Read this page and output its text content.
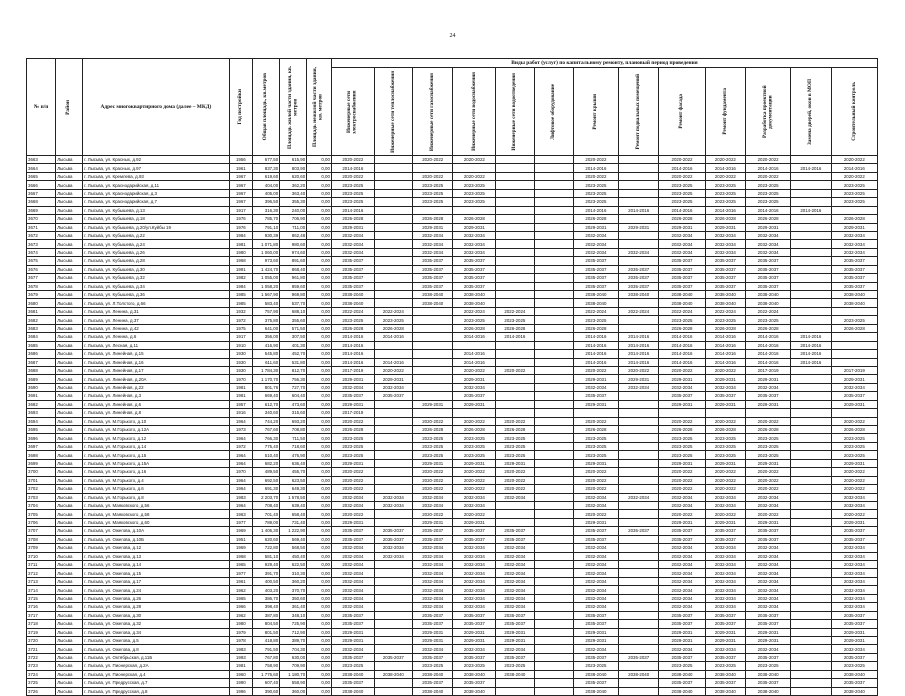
24
№ п/п	Район	Адрес многоквартирного дома (далее – МКД)	Год постройки	Общая площадь, кв.метров	Площадь жилой части здания, кв. метров	Площадь нежилой части здания, кв. метров	Виды работ (услуг) по капитальному ремонту, плановый период проведения												

							Инженерные сети электроснабжения	Инженерные сети теплоснабжения	Инженерные сети газоснабжения	Инженерные сети водоснабжения	Инженерные сети водоотведения	Лифтовое оборудование	Ремонт крыши	Ремонт подвальных помещений	Ремонт фасада	Ремонт фундамента	Разработка проектной документации	Замена дверей, окон в МОП	Строительный контроль

3663	Лысьва	г. Лысьва, ул. Красных, д.92	1956	677,50	615,90	0,00	2020-2022		2020-2022	2020-2022			2020-2022		2020-2022	2020-2022	2020-2022		2020-2022
3664	Лысьва	г. Лысьва, ул. Красных, д.97	1961	837,30	803,90	0,00	2014-2016						2014-2016		2014-2016	2014-2016	2014-2016	2014-2016	2014-2016
3665	Лысьва	г. Лысьва, ул. Кремлева, д.93	1967	619,60	620,60	0,00	2020-2022		2020-2022	2020-2022			2020-2022		2020-2022	2020-2022	2020-2022		2020-2022
3666	Лысьва	г. Лысьва, ул. Краснодарийская, д.11	1967	404,00	362,20	0,00	2023-2025		2023-2025	2023-2025			2023-2025		2023-2025	2023-2025	2023-2025		2023-2025
3667	Лысьва	г. Лысьва, ул. Краснодарийская, д.3	1967	405,00	363,40	0,00	2023-2025		2023-2025	2023-2025			2023-2025		2023-2025	2023-2025	2023-2025		2023-2025
3668	Лысьва	г. Лысьва, ул. Краснодарийская, д.7	1967	396,50	355,30	0,00	2023-2025		2023-2025	2023-2025			2023-2025		2023-2025	2023-2025	2023-2025		2023-2025
3669	Лысьва	г. Лысьва, ул. Кубышева, д.13	1917	316,30	240,00	0,00	2014-2016						2014-2016	2014-2016	2014-2016	2014-2016	2014-2016	2014-2016	
3670	Лысьва	г. Лысьва, ул. Кубышева, д.18	1976	785,70	706,90	0,00	2026-2028		2026-2028	2026-2028			2026-2028		2026-2028	2026-2028	2026-2028		2026-2028
3671	Лысьва	г. Лысьва, ул. Кубышева, д.20/ул.Куйбы 19	1976	791,10	711,00	0,00	2029-2031		2029-2031	2029-2031			2029-2031	2029-2031	2029-2031	2029-2031	2029-2031		2029-2031
3672	Лысьва	г. Лысьва, ул. Кубышева, д.22	1984	930,39	862,48	0,00	2032-2034		2032-2034	2032-2034			2032-2034		2032-2034	2032-2034	2032-2034		2032-2034
3673	Лысьва	г. Лысьва, ул. Кубышева, д.24	1981	1 071,80	980,60	0,00	2032-2034		2032-2034	2032-2034			2032-2034		2032-2034	2032-2034	2032-2034		2032-2034
3674	Лысьва	г. Лысьва, ул. Кубышева, д.26	1980	1 060,00	974,60	0,00	2032-2034		2032-2034	2032-2034			2032-2034	2032-2034	2032-2034	2032-2034	2032-2034		2032-2034
3675	Лысьва	г. Лысьва, ул. Кубышева, д.28	1968	973,60	891,60	0,00	2035-2037		2035-2037	2035-2037			2035-2037		2035-2037	2035-2037	2035-2037		2035-2037
3676	Лысьва	г. Лысьва, ул. Кубышева, д.30	1991	1 424,70	868,40	0,00	2035-2037		2035-2037	2035-2037			2035-2037	2035-2037	2035-2037	2035-2037	2035-2037		2035-2037
3677	Лысьва	г. Лысьва, ул. Кубышева, д.32	1982	1 055,00	961,80	0,00	2035-2037		2035-2037	2035-2037			2035-2037	2035-2037	2035-2037	2035-2037	2035-2037		2035-2037
3678	Лысьва	г. Лысьва, ул. Кубышева, д.34	1984	1 058,20	859,60	0,00	2035-2037		2035-2037	2035-2037			2035-2037	2035-2037	2035-2037	2035-2037	2035-2037		2035-2037
3679	Лысьва	г. Лысьва, ул. Кубышева, д.36	1985	1 567,90	969,80	0,00	2038-2040		2038-2040	2038-2040			2038-2040	2038-2040	2038-2040	2038-2040	2038-2040		2038-2040
3680	Лысьва	г. Лысьва, ул. Л.Толстого, д.66	1985	583,40	537,70	0,00	2038-2040		2038-2040	2038-2040			2038-2040		2038-2040	2038-2040	2038-2040		2038-2040
3681	Лысьва	г. Лысьва, ул. Ленина, д.31	1932	757,90	688,10	0,00	2022-2024	2022-2024		2022-2024	2022-2024		2022-2024	2022-2024	2022-2024	2022-2024	2022-2024		
3682	Лысьва	г. Лысьва, ул. Ленина, д.37	1972	375,80	355,60	0,00	2023-2025	2023-2025		2023-2025	2023-2025		2023-2025		2023-2025	2023-2025	2023-2025		2023-2025
3683	Лысьва	г. Лысьва, ул. Ленина, д.42	1975	641,00	571,50	0,00	2026-2028	2026-2028		2026-2028	2026-2028		2026-2028		2026-2028	2026-2028	2026-2028		2026-2028
3684	Лысьва	г. Лысьва, ул. Ленина, д.6	1917	356,00	307,50	0,00	2014-2016	2014-2016		2014-2016	2014-2016		2014-2016	2014-2016	2014-2016	2014-2016	2014-2016	2014-2016	
3685	Лысьва	г. Лысьва, ул. Лесная, д.11	1910	416,90	401,30	0,00	2014-2016						2014-2016	2014-2016	2014-2016	2014-2016	2014-2016	2014-2016	
3686	Лысьва	г. Лысьва, ул. Линейная, д.15	1930	545,80	452,70	0,00	2014-2016			2014-2016			2014-2016	2014-2016	2014-2016	2014-2016	2014-2016	2014-2016	
3687	Лысьва	г. Лысьва, ул. Линейная, д.16	1930	611,60	531,80	0,00	2014-2016	2014-2016		2014-2016			2014-2016	2014-2016	2014-2016	2014-2016	2014-2016	2014-2016	
3688	Лысьва	г. Лысьва, ул. Линейная, д.17	1930	1 784,30	812,70	0,00	2017-2019	2020-2022		2020-2022	2020-2022		2020-2022	2020-2022	2020-2022	2020-2022	2017-2019		2017-2019
3689	Лысьва	г. Лысьва, ул. Линейная, д.20А	1970	1 170,70	756,30	0,00	2029-2031	2029-2031		2029-2031			2029-2031	2029-2031	2029-2031	2029-2031	2029-2031		2029-2031
3690	Лысьва	г. Лысьва, ул. Линейная, д.22	1981	801,76	727,70	0,00	2032-2034	2032-2034		2032-2034			2032-2034	2032-2034	2032-2034	2032-2034	2032-2034		2032-2034
3691	Лысьва	г. Лысьва, ул. Линейная, д.3	1981	669,40	604,40	0,00	2035-2037	2035-2037		2035-2037			2035-2037		2035-2037	2035-2037	2035-2037		2035-2037
3692	Лысьва	г. Лысьва, ул. Линейная, д.6	1957	612,70	473,60	0,00	2029-2031		2029-2031	2029-2031			2029-2031		2029-2031	2029-2031	2029-2031		2029-2031
3693	Лысьва	г. Лысьва, ул. Линейная, д.8	1916	340,60	315,60	0,00	2017-2019												
3694	Лысьва	г. Лысьва, ул. М.Горького, д.10	1964	744,20	693,20	0,00	2020-2022		2020-2022	2020-2022	2020-2022		2020-2022		2020-2022	2020-2022	2020-2022		2020-2022
3695	Лысьва	г. Лысьва, ул. М.Горького, д.12А	1973	767,60	708,80	0,00	2026-2028		2026-2028	2026-2028	2026-2028		2026-2028		2026-2028	2026-2028	2026-2028		2026-2028
3696	Лысьва	г. Лысьва, ул. М.Горького, д.12	1964	766,30	711,50	0,00	2023-2025		2023-2025	2023-2025	2023-2025		2023-2025		2023-2025	2023-2025	2023-2025		2023-2025
3697	Лысьва	г. Лысьва, ул. М.Горького, д.14	1972	775,40	718,60	0,00	2023-2025		2023-2025	2023-2025	2023-2025		2023-2025		2023-2025	2023-2025	2023-2025		2023-2025
3698	Лысьва	г. Лысьва, ул. М.Горького, д.15	1964	510,40	476,90	0,00	2023-2025		2023-2025	2023-2025	2023-2025		2023-2025		2023-2025	2023-2025	2023-2025		2023-2025
3699	Лысьва	г. Лысьва, ул. М.Горького, д.15А	1964	682,20	636,40	0,00	2029-2031		2029-2031	2029-2031	2029-2031		2029-2031		2029-2031	2029-2031	2029-2031		2029-2031
3700	Лысьва	г. Лысьва, ул. М.Горького, д.16	1970	489,50	455,70	0,00	2020-2022		2020-2022	2020-2022	2020-2022		2020-2022		2020-2022	2020-2022	2020-2022		2020-2022
3701	Лысьва	г. Лысьва, ул. М.Горького, д.4	1964	692,50	623,50	0,00	2020-2022		2020-2022	2020-2022	2020-2022		2020-2022		2020-2022	2020-2022	2020-2022		2020-2022
3702	Лысьва	г. Лысьва, ул. М.Горького, д.6	1964	691,30	649,30	0,00	2020-2022		2020-2022	2020-2022	2020-2022		2020-2022		2020-2022	2020-2022	2020-2022		2020-2022
3703	Лысьва	г. Лысьва, ул. М.Горького, д.8	1983	2 203,70	1 578,50	0,00	2032-2034	2032-2034	2032-2034	2032-2034	2032-2034		2032-2034	2032-2034	2032-2034	2032-2034	2032-2034		2032-2034
3704	Лысьва	г. Лысьва, ул. Маяковского, д.56	1964	708,40	639,40	0,00	2032-2034	2032-2034	2032-2034	2032-2034			2032-2034		2032-2034	2032-2034	2032-2034		2032-2034
3705	Лысьва	г. Лысьва, ул. Маяковского, д.58	1963	701,40	658,40	0,00	2020-2022		2020-2022	2020-2022			2020-2022		2020-2022	2020-2022	2020-2022		2020-2022
3706	Лысьва	г. Лысьва, ул. Маяковского, д.60	1977	789,00	731,40	0,00	2029-2031		2029-2031	2029-2031			2029-2031		2029-2031	2029-2031	2029-2031		2029-2031
3707	Лысьва	г. Лысьва, ул. Ожегова, д.10А	1969	1 406,30	1 222,90	0,00	2035-2037	2035-2037	2035-2037	2035-2037	2035-2037		2035-2037	2035-2037	2035-2037	2035-2037	2035-2037		2035-2037
3708	Лысьва	г. Лысьва, ул. Ожегова, д.10Б	1951	620,60	569,40	0,00	2035-2037	2035-2037	2035-2037	2035-2037	2035-2037		2035-2037		2035-2037	2035-2037	2035-2037		2035-2037
3709	Лысьва	г. Лысьва, ул. Ожегова, д.12	1969	722,80	568,50	0,00	2032-2034	2032-2034	2032-2034	2032-2034	2032-2034		2032-2034		2032-2034	2032-2034	2032-2034		2032-2034
3710	Лысьва	г. Лысьва, ул. Ожегова, д.13	1968	581,10	450,40	0,00	2032-2034	2032-2034	2032-2034	2032-2034	2032-2034		2032-2034		2032-2034	2032-2034	2032-2034		2032-2034
3711	Лысьва	г. Лысьва, ул. Ожегова, д.14	1965	929,40	622,50	0,00	2032-2034		2032-2034	2032-2034	2032-2034		2032-2034		2032-2034	2032-2034	2032-2034		2032-2034
3712	Лысьва	г. Лысьва, ул. Ожегова, д.15	1977	391,70	310,30	0,00	2032-2034		2032-2034	2032-2034	2032-2034		2032-2034		2032-2034	2032-2034	2032-2034		2032-2034
3713	Лысьва	г. Лысьва, ул. Ожегова, д.17	1961	400,50	360,20	0,00	2032-2034		2032-2034	2032-2034	2032-2034		2032-2034		2032-2034	2032-2034	2032-2034		2032-2034
3714	Лысьва	г. Лысьва, ул. Ожегова, д.24	1962	403,20	370,70	0,00	2032-2034		2032-2034	2032-2034	2032-2034		2032-2034		2032-2034	2032-2034	2032-2034		2032-2034
3715	Лысьва	г. Лысьва, ул. Ожегова, д.26	1965	386,70	350,60	0,00	2032-2034		2032-2034	2032-2034	2032-2034		2032-2034		2032-2034	2032-2034	2032-2034		2032-2034
3716	Лысьва	г. Лысьва, ул. Ожегова, д.28	1966	398,40	361,40	0,00	2032-2034		2032-2034	2032-2034	2032-2034		2032-2034		2032-2034	2032-2034	2032-2034		2032-2034
3717	Лысьва	г. Лысьва, ул. Ожегова, д.30	1962	387,80	348,10	0,00	2035-2037		2035-2037	2035-2037	2035-2037		2035-2037		2035-2037	2035-2037	2035-2037		2035-2037
3718	Лысьва	г. Лысьва, ул. Ожегова, д.32	1980	804,50	725,90	0,00	2035-2037		2035-2037	2035-2037	2035-2037		2035-2037		2035-2037	2035-2037	2035-2037		2035-2037
3719	Лысьва	г. Лысьва, ул. Ожегова, д.34	1979	801,50	712,90	0,00	2029-2031		2029-2031	2029-2031	2029-2031		2029-2031		2029-2031	2029-2031	2029-2031		2029-2031
3720	Лысьва	г. Лысьва, ул. Ожегова, д.5	1978	418,80	389,70	0,00	2029-2031		2029-2031	2029-2031	2029-2031		2029-2031		2029-2031	2029-2031	2029-2031		2029-2031
3721	Лысьва	г. Лысьва, ул. Ожегова, д.8	1983	791,50	704,30	0,00	2032-2034		2032-2034	2032-2034	2032-2034		2032-2034		2032-2034	2032-2034	2032-2034		2032-2034
3722	Лысьва	г. Лысьва, ул. Октябрьская, д.11Б	1993	767,80	630,00	0,00	2035-2037	2035-2037	2035-2037	2035-2037	2035-2037		2035-2037	2035-2037	2035-2037	2035-2037	2035-2037		2035-2037
3723	Лысьва	г. Лысьва, ул. Пионерская, д.2А	1981	758,90	709,90	0,00	2023-2025		2023-2025	2023-2025	2023-2025		2023-2025		2023-2025	2023-2025	2023-2025		2023-2025
3724	Лысьва	г. Лысьва, ул. Пионерская, д.4	1960	1 776,60	1 180,70	0,00	2038-2040	2038-2040	2038-2040	2038-2040	2038-2040		2038-2040	2038-2040	2038-2040	2038-2040	2038-2040		2038-2040
3725	Лысьва	г. Лысьва, ул. Предрусская, д.7	1990	607,40	558,90	0,00	2035-2037		2035-2037	2035-2037			2035-2037		2035-2037	2035-2037	2035-2037		2035-2037
3726	Лысьва	г. Лысьва, ул. Предрусская, д.8	1996	390,60	360,00	0,00	2038-2040		2038-2040	2038-2040			2038-2040		2038-2040	2038-2040	2038-2040		2038-2040
